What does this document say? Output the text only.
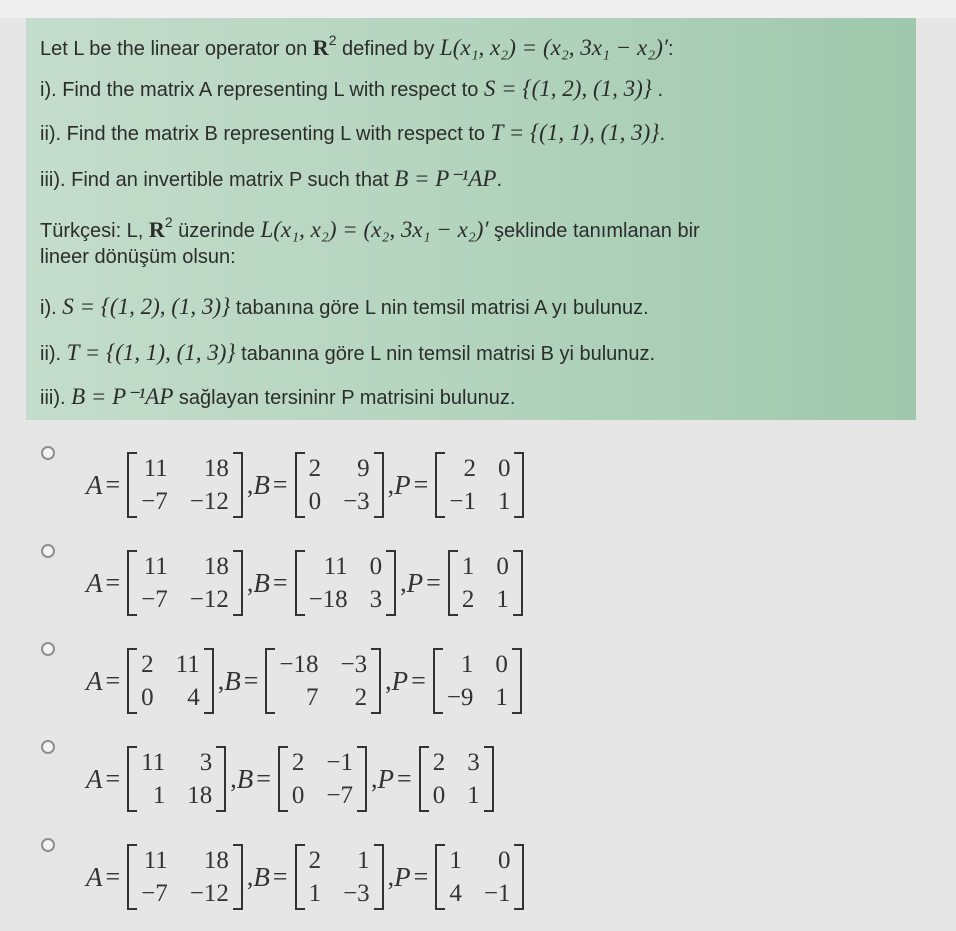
Let L be the linear operator on $R^2$ defined by L(x₁, x₂) = (x₂, 3x₁ − x₂)′:
i). Find the matrix A representing L with respect to S = {(1, 2), (1, 3)} .
ii). Find the matrix B representing L with respect to T = {(1, 1), (1, 3)}.
iii). Find an invertible matrix P such that B = P⁻¹AP.
Türkçesi: L, $R^2$ üzerinde L(x₁, x₂) = (x₂, 3x₁ − x₂)′ şeklinde tanımlanan bir
lineer dönüşüm olsun:
i). S = {(1, 2), (1, 3)} tabanına göre L nin temsil matrisi A yı bulunuz.
ii). T = {(1, 1), (1, 3)} tabanına göre L nin temsil matrisi B yi bulunuz.
iii). B = P⁻¹AP sağlayan tersininr P matrisini bulunuz.
A =
11	18
−7 −12
, B =
2	9
0 −3
, P =
2 0
−1 1
A =
11	18
−7 −12
, B =
11 0
−18 3
, P =
1 0
2 1
A =
2 11
0	4
, B =
−18 −3
7	2
, P =
1 0
−9 1
A =
11	3
1 18
, B =
2 −1
0 −7
, P =
2 3
0 1
A =
11	18
−7 −12
, B =
2	1
1 −3
, P =
1	0
4 −1
